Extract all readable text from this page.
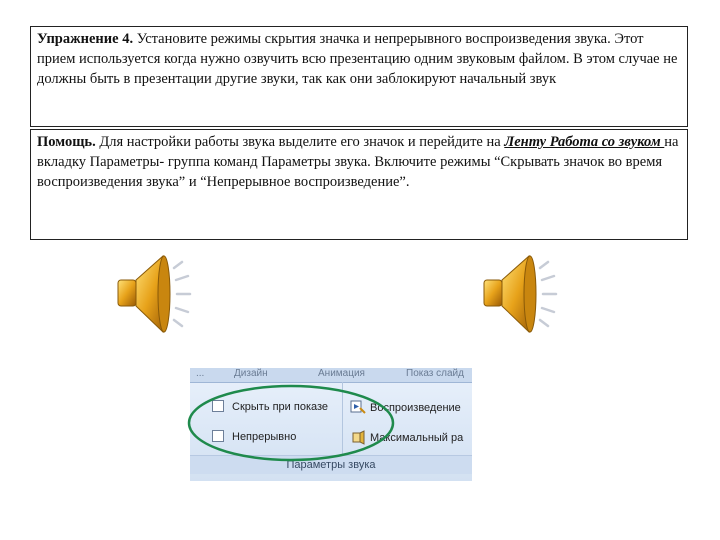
Упражнение 4. Установите режимы скрытия значка и непрерывного воспроизведения звука. Этот прием используется когда нужно озвучить всю презентацию одним звуковым файлом. В этом случае не должны быть в презентации другие звуки, так как они заблокируют начальный звук
Помощь. Для настройки работы звука выделите его значок и перейдите на Ленту Работа со звуком на вкладку Параметры- группа команд Параметры звука. Включите режимы “Скрывать значок во время воспроизведения звука” и “Непрерывное воспроизведение”.
...	Дизайн	Анимация	Показ слайд
Скрыть при показе
Непрерывно
Воспроизведение
Максимальный ра
Параметры звука
